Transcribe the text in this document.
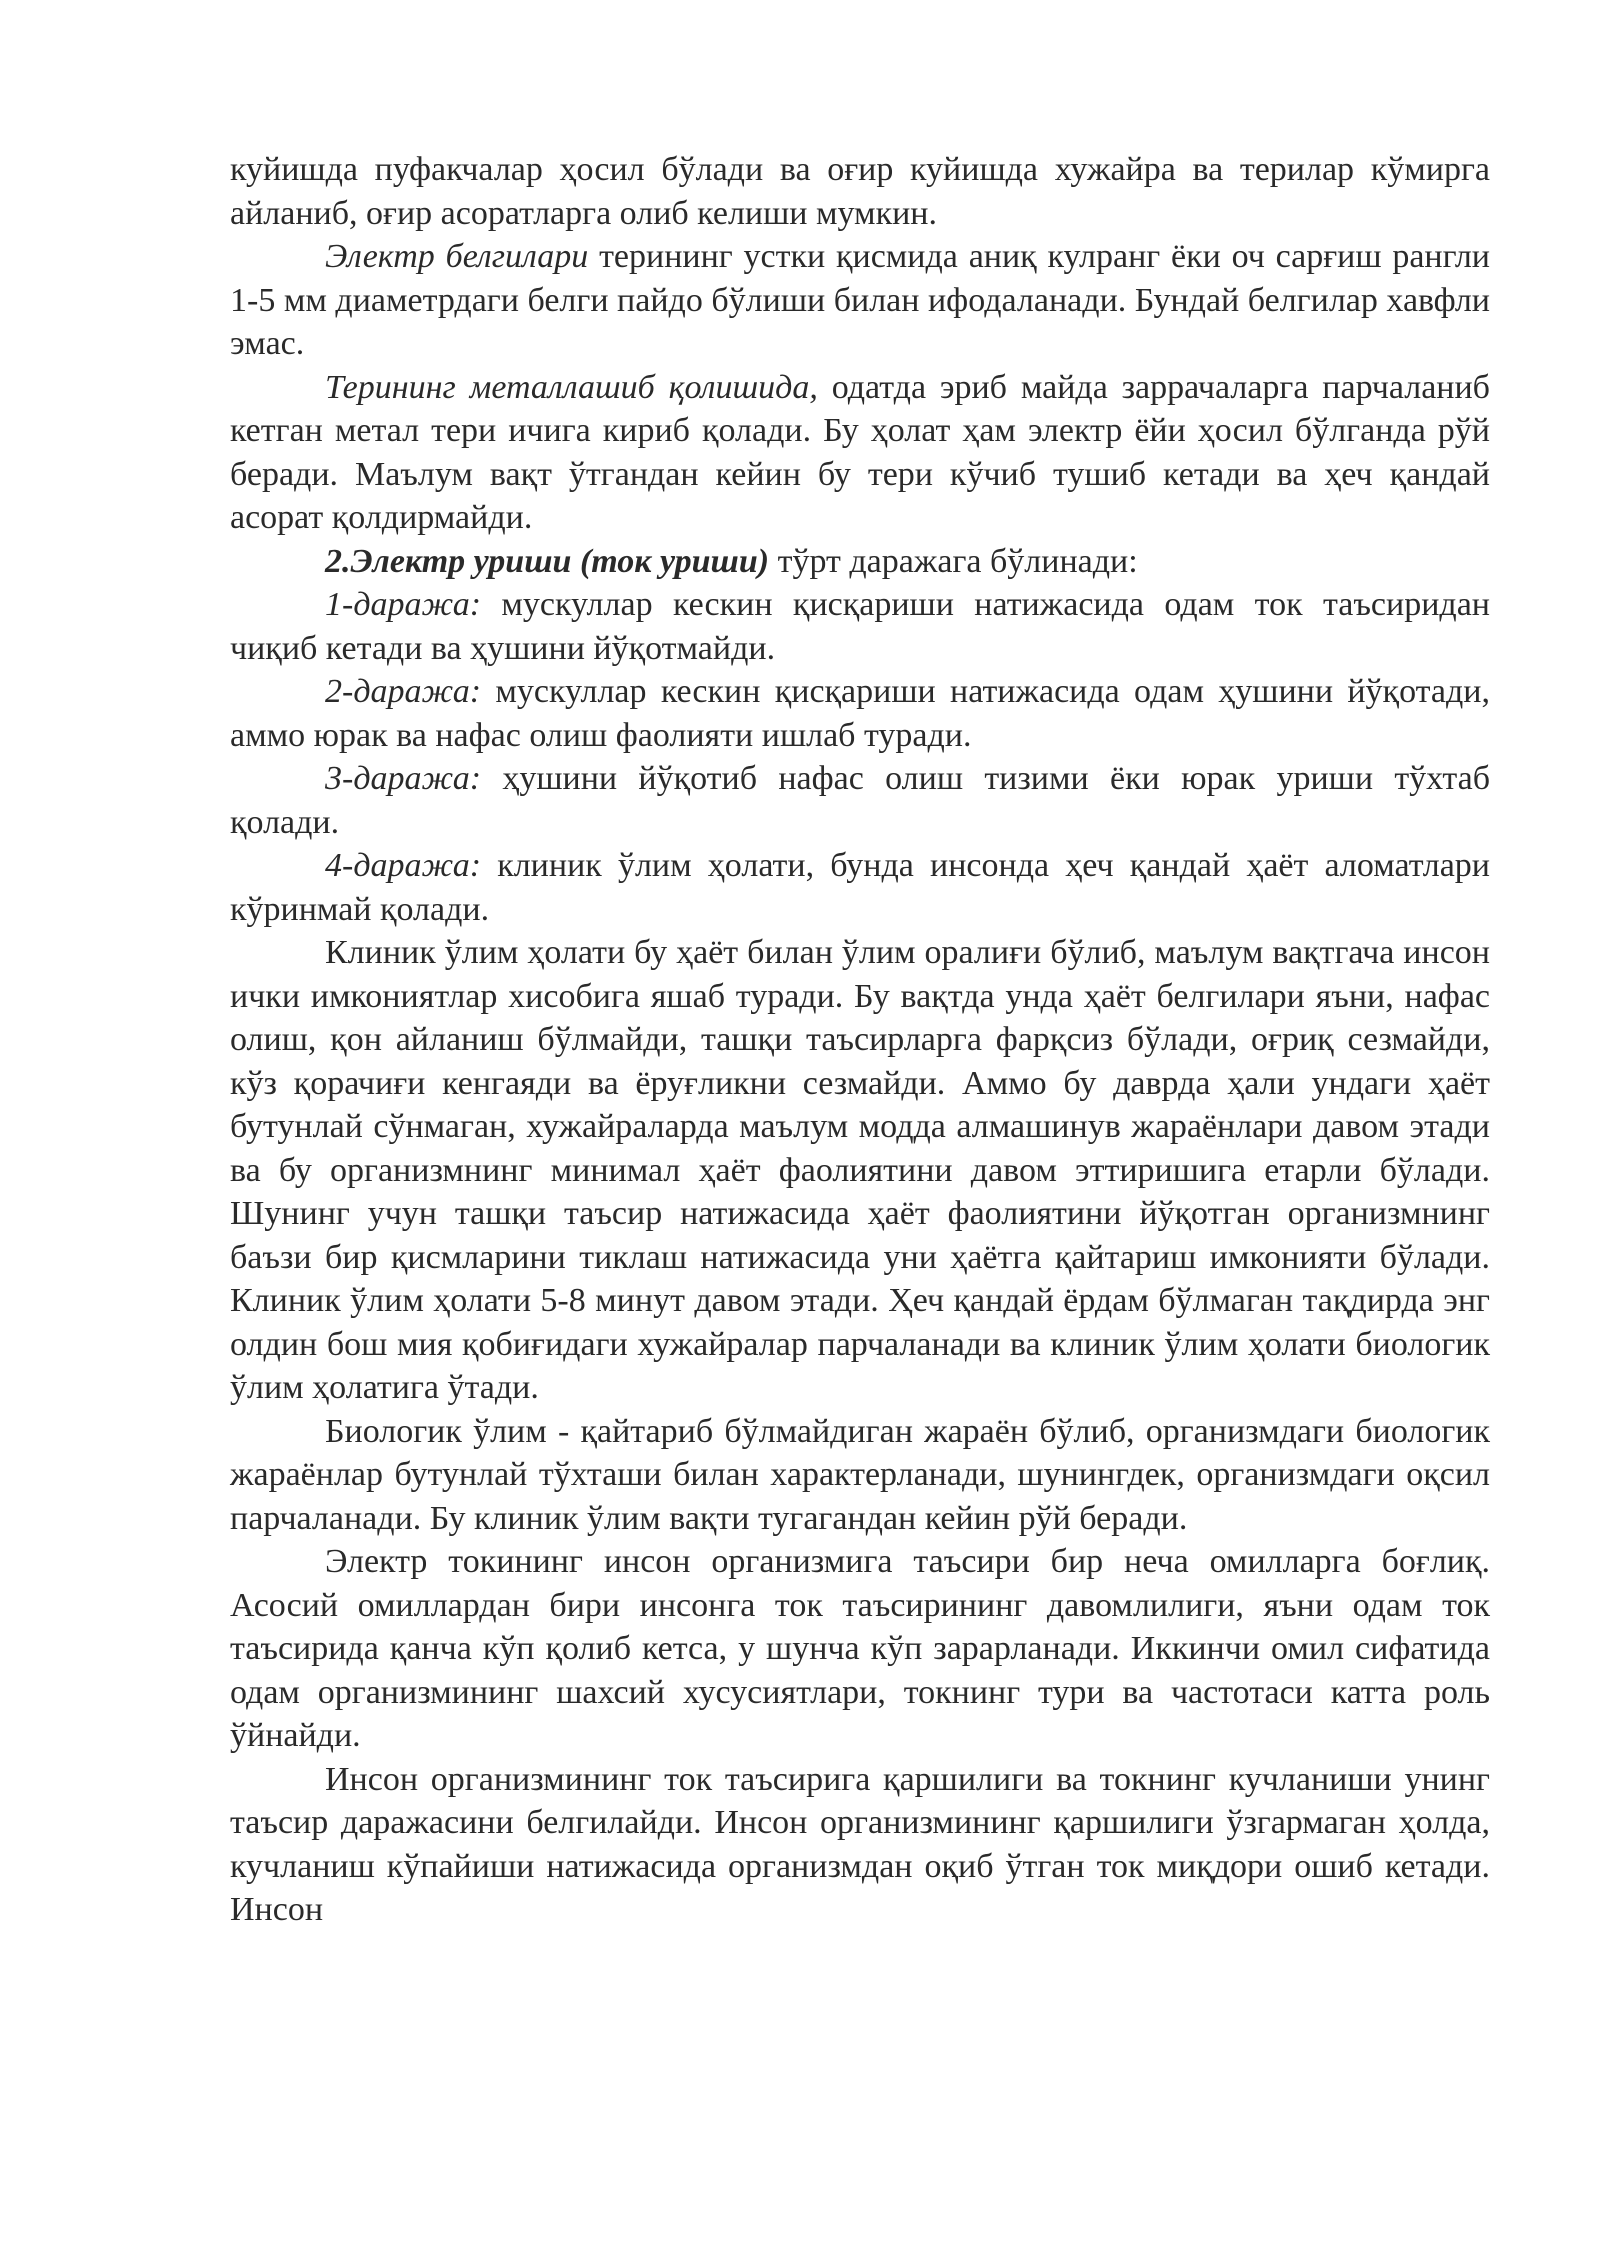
куйишда пуфакчалар ҳосил бўлади ва оғир куйишда хужайра ва терилар кўмирга айланиб, оғир асоратларга олиб келиши мумкин.

Электр белгилари терининг устки қисмида аниқ кулранг ёки оч сарғиш рангли 1-5 мм диаметрдаги белги пайдо бўлиши билан ифодаланади. Бундай белгилар хавфли эмас.

Терининг металлашиб қолишида, одатда эриб майда заррачаларга парчаланиб кетган метал тери ичига кириб қолади. Бу ҳолат ҳам электр ёйи ҳосил бўлганда рўй беради. Маълум вақт ўтгандан кейин бу тери кўчиб тушиб кетади ва ҳеч қандай асорат қолдирмайди.

2.Электр уриши (ток уриши) тўрт даражага бўлинади:

1-даража: мускуллар кескин қисқариши натижасида одам ток таъсиридан чиқиб кетади ва ҳушини йўқотмайди.

2-даража: мускуллар кескин қисқариши натижасида одам ҳушини йўқотади, аммо юрак ва нафас олиш фаолияти ишлаб туради.

3-даража: ҳушини йўқотиб нафас олиш тизими ёки юрак уриши тўхтаб қолади.

4-даража: клиник ўлим ҳолати, бунда инсонда ҳеч қандай ҳаёт аломатлари кўринмай қолади.

Клиник ўлим ҳолати бу ҳаёт билан ўлим оралиғи бўлиб, маълум вақтгача инсон ички имкониятлар хисобига яшаб туради. Бу вақтда унда ҳаёт белгилари яъни, нафас олиш, қон айланиш бўлмайди, ташқи таъсирларга фарқсиз бўлади, оғриқ сезмайди, кўз қорачиғи кенгаяди ва ёруғликни сезмайди. Аммо бу даврда ҳали ундаги ҳаёт бутунлай сўнмаган, хужайраларда маълум модда алмашинув жараёнлари давом этади ва бу организмнинг минимал ҳаёт фаолиятини давом эттиришига етарли бўлади. Шунинг учун ташқи таъсир натижасида ҳаёт фаолиятини йўқотган организмнинг баъзи бир қисмларини тиклаш натижасида уни ҳаётга қайтариш имконияти бўлади. Клиник ўлим ҳолати 5-8 минут давом этади. Ҳеч қандай ёрдам бўлмаган тақдирда энг олдин бош мия қобиғидаги хужайралар парчаланади ва клиник ўлим ҳолати биологик ўлим ҳолатига ўтади.

Биологик ўлим - қайтариб бўлмайдиган жараён бўлиб, организмдаги биологик жараёнлар бутунлай тўхташи билан характерланади, шунингдек, организмдаги оқсил парчаланади. Бу клиник ўлим вақти тугагандан кейин рўй беради.

Электр токининг инсон организмига таъсири бир неча омилларга боғлиқ. Асосий омиллардан бири инсонга ток таъсирининг давомлилиги, яъни одам ток таъсирида қанча кўп қолиб кетса, у шунча кўп зарарланади. Иккинчи омил сифатида одам организмининг шахсий хусусиятлари, токнинг тури ва частотаси катта роль ўйнайди.

Инсон организмининг ток таъсирига қаршилиги ва токнинг кучланиши унинг таъсир даражасини белгилайди. Инсон организмининг қаршилиги ўзгармаган ҳолда, кучланиш кўпайиши натижасида организмдан оқиб ўтган ток миқдори ошиб кетади. Инсон
